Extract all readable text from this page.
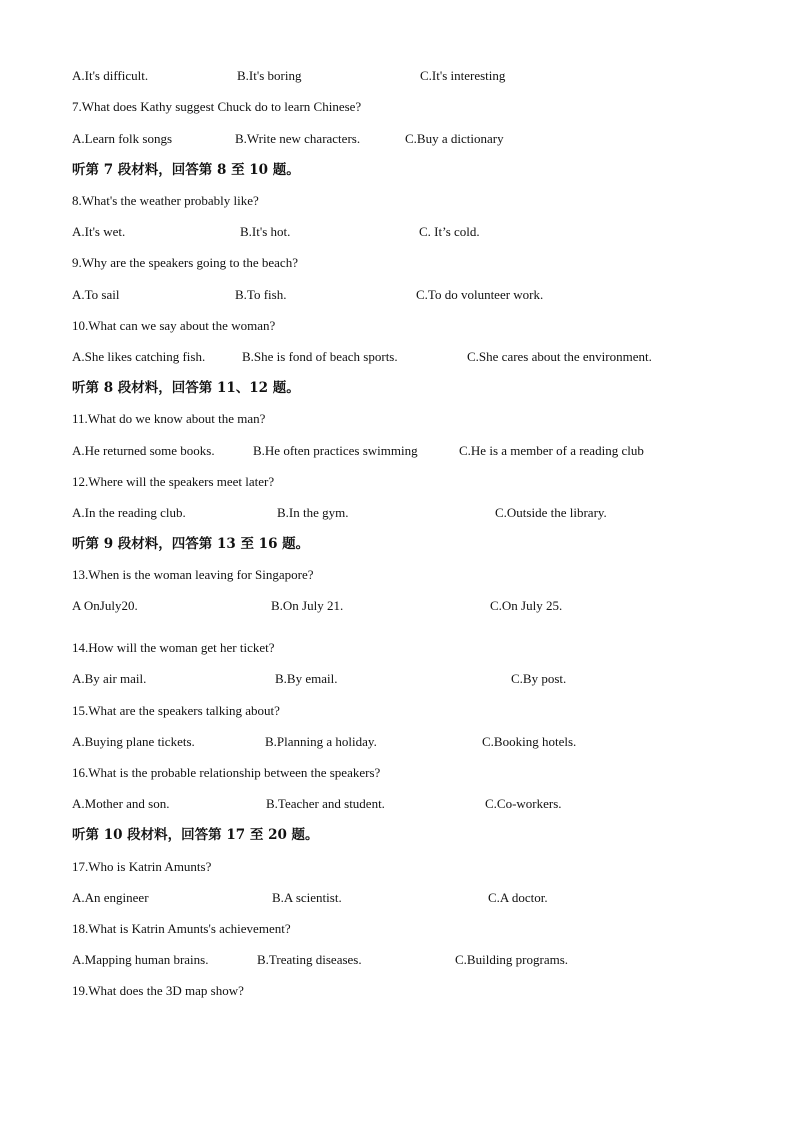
A.It's difficult.	B.It's boring	C.It's interesting
7.What does Kathy suggest Chuck do to learn Chinese?
A.Learn folk songs	B.Write new characters.	C.Buy a dictionary
听第 7 段材料，回答第 8 至 10 题。
8.What's the weather probably like?
A.It's wet.	B.It's hot.	C. It’s cold.
9.Why are the speakers going to the beach?
A.To sail	B.To fish.	C.To do volunteer work.
10.What can we say about the woman?
A.She likes catching fish.	B.She is fond of beach sports.	C.She cares about the environment.
听第 8 段材料，回答第 11、12 题。
11.What do we know about the man?
A.He returned some books.	B.He often practices swimming	C.He is a member of a reading club
12.Where will the speakers meet later?
A.In the reading club.	B.In the gym.	C.Outside the library.
听第 9 段材料，四答第 13 至 16 题。
13.When is the woman leaving for Singapore?
A OnJuly20.	B.On July 21.	C.On July 25.
14.How will the woman get her ticket?
A.By air mail.	B.By email.	C.By post.
15.What are the speakers talking about?
A.Buying plane tickets.	B.Planning a holiday.	C.Booking hotels.
16.What is the probable relationship between the speakers?
A.Mother and son.	B.Teacher and student.	C.Co-workers.
听第 10 段材料，回答第 17 至 20 题。
17.Who is Katrin Amunts?
A.An engineer	B.A scientist.	C.A doctor.
18.What is Katrin Amunts's achievement?
A.Mapping human brains.	B.Treating diseases.	C.Building programs.
19.What does the 3D map show?
